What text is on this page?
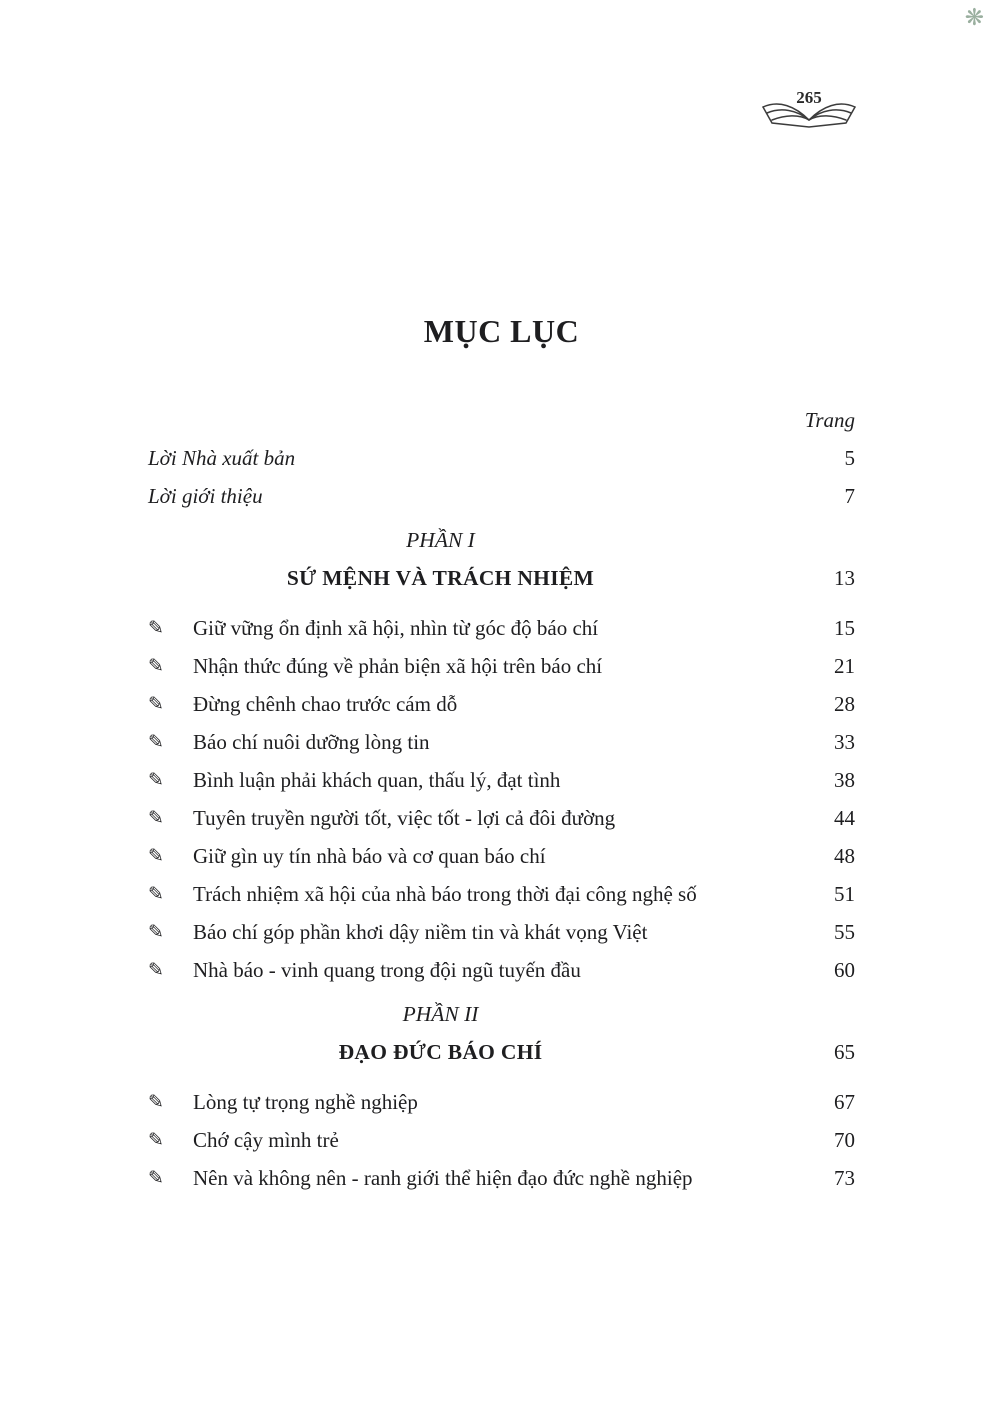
❋
265
MỤC LỤC
Trang
Lời Nhà xuất bản	5
Lời giới thiệu	7
PHẦN I
SỨ MỆNH VÀ TRÁCH NHIỆM	13
✎	Giữ vững ổn định xã hội, nhìn từ góc độ báo chí	15
✎	Nhận thức đúng về phản biện xã hội trên báo chí	21
✎	Đừng chênh chao trước cám dỗ	28
✎	Báo chí nuôi dưỡng lòng tin	33
✎	Bình luận phải khách quan, thấu lý, đạt tình	38
✎	Tuyên truyền người tốt, việc tốt - lợi cả đôi đường	44
✎	Giữ gìn uy tín nhà báo và cơ quan báo chí	48
✎	Trách nhiệm xã hội của nhà báo trong thời đại công nghệ số	51
✎	Báo chí góp phần khơi dậy niềm tin và khát vọng Việt	55
✎	Nhà báo - vinh quang trong đội ngũ tuyến đầu	60
PHẦN II
ĐẠO ĐỨC BÁO CHÍ	65
✎	Lòng tự trọng nghề nghiệp	67
✎	Chớ cậy mình trẻ	70
✎	Nên và không nên - ranh giới thể hiện đạo đức nghề nghiệp	73
